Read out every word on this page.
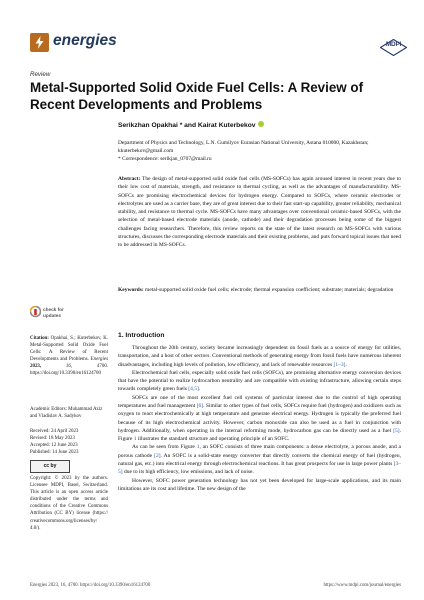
energies	MDPI
Review
Metal-Supported Solid Oxide Fuel Cells: A Review of Recent Developments and Problems
Serikzhan Opakhai * and Kairat Kuterbekov
Department of Physics and Technology, L.N. Gumilyov Eurasian National University, Astana 010000, Kazakhstan; kkuterbekov@gmail.com
* Correspondence: serikjan_0707@mail.ru
Abstract: The design of metal-supported solid oxide fuel cells (MS-SOFCs) has again aroused interest in recent years due to their low cost of materials, strength, and resistance to thermal cycling, as well as the advantages of manufacturability. MS-SOFCs are promising electrochemical devices for hydrogen energy. Compared to SOFCs, where ceramic electrodes or electrolytes are used as a carrier base, they are of great interest due to their fast start-up capability, greater reliability, mechanical stability, and resistance to thermal cycle. MS-SOFCs have many advantages over conventional ceramic-based SOFCs, with the selection of metal-based electrode materials (anode, cathode) and their degradation processes being some of the biggest challenges facing researchers. Therefore, this review reports on the state of the latest research on MS-SOFCs with various structures, discusses the corresponding electrode materials and their existing problems, and puts forward topical issues that need to be addressed in MS-SOFCs.
Keywords: metal-supported solid oxide fuel cells; electrode; thermal expansion coefficient; substrate; materials; degradation
check for
updates
Citation: Opakhai, S.; Kuterbekov, K. Metal-Supported Solid Oxide Fuel Cells: A Review of Recent Developments and Problems. Energies 2023,	16,	4700. https://doi.org/10.3390/en16124700
Academic Editors: Muhammad Aziz and Vladislav A. Sadykov
Received: 24 April 2023
Revised: 18 May 2023
Accepted: 12 June 2023
Published: 14 June 2023
cc by
Copyright: © 2023 by the authors. Licensee MDPI, Basel, Switzerland. This article is an open access article distributed under the terms and conditions of the Creative Commons Attribution (CC BY) license (https:// creativecommons.org/licenses/by/ 4.0/).
1. Introduction

Throughout the 20th century, society became increasingly dependent on fossil fuels as a source of energy for utilities, transportation, and a host of other sectors. Conventional methods of generating energy from fossil fuels have numerous inherent disadvantages, including high levels of pollution, low efficiency, and lack of renewable resources [1–3].

Electrochemical fuel cells, especially solid oxide fuel cells (SOFCs), are promising alternative energy conversion devices that have the potential to realize hydrocarbon neutrality and are compatible with existing infrastructure, allowing certain steps towards completely green fuels [4,5].

SOFCs are one of the most excellent fuel cell systems of particular interest due to the control of high operating temperatures and fuel management [6]. Similar to other types of fuel cells, SOFCs require fuel (hydrogen) and oxidizers such as oxygen to react electrochemically at high temperature and generate electrical energy. Hydrogen is typically the preferred fuel because of its high electrochemical activity. However, carbon monoxide can also be used as a fuel in conjunction with hydrogen. Additionally, when operating in the internal reforming mode, hydrocarbon gas can be directly used as a fuel [5]. Figure 1 illustrates the standard structure and operating principle of an SOFC.

As can be seen from Figure 1, an SOFC consists of three main components: a dense electrolyte, a porous anode, and a porous cathode [2]. An SOFC is a solid-state energy converter that directly converts the chemical energy of fuel (hydrogen, natural gas, etc.) into electrical energy through electrochemical reactions. It has great prospects for use in large power plants [3–5] due to its high efficiency, low emissions, and lack of noise.

However, SOFC power generation technology has not yet been developed for large-scale applications, and its main limitations are its cost and lifetime. The new design of the

Energies 2023, 16, 4700. https://doi.org/10.3390/en16124700	https://www.mdpi.com/journal/energies
